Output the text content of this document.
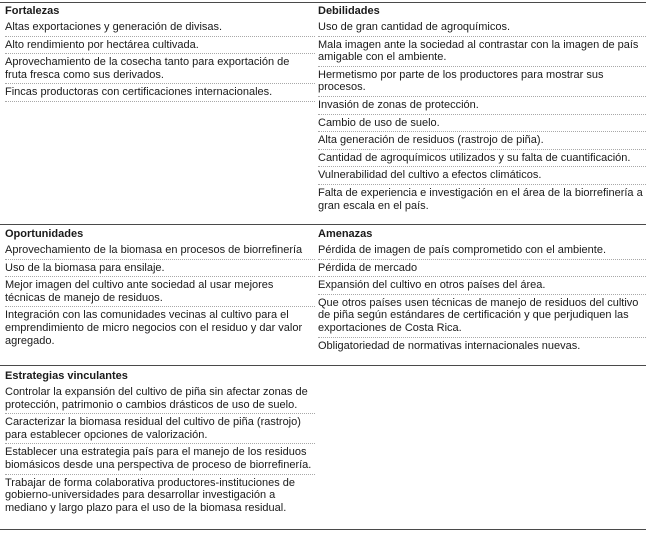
Fortalezas
Altas exportaciones y generación de divisas.
Alto rendimiento por hectárea cultivada.
Aprovechamiento de la cosecha tanto para exportación de fruta fresca como sus derivados.
Fincas productoras con certificaciones internacionales.
Debilidades
Uso de gran cantidad de agroquímicos.
Mala imagen ante la sociedad al contrastar con la imagen de país amigable con el ambiente.
Hermetismo por parte de los productores para mostrar sus procesos.
Invasión de zonas de protección.
Cambio de uso de suelo.
Alta generación de residuos (rastrojo de piña).
Cantidad de agroquímicos utilizados y su falta de cuantificación.
Vulnerabilidad del cultivo a efectos climáticos.
Falta de experiencia e investigación en el área de la biorrefinería a gran escala en el país.
Oportunidades
Aprovechamiento de la biomasa en procesos de biorrefinería
Uso de la biomasa para ensilaje.
Mejor imagen del cultivo ante sociedad al usar mejores técnicas de manejo de residuos.
Integración con las comunidades vecinas al cultivo para el emprendimiento de micro negocios con el residuo y dar valor agregado.
Amenazas
Pérdida de imagen de país comprometido con el ambiente.
Pérdida de mercado
Expansión del cultivo en otros países del área.
Que otros países usen técnicas de manejo de residuos del cultivo de piña según estándares de certificación y que perjudiquen las exportaciones de Costa Rica.
Obligatoriedad de normativas internacionales nuevas.
Estrategias vinculantes
Controlar la expansión del cultivo de piña sin afectar zonas de protección, patrimonio o cambios drásticos de uso de suelo.
Caracterizar la biomasa residual del cultivo de piña (rastrojo) para establecer opciones de valorización.
Establecer una estrategia país para el manejo de los residuos biomásicos desde una perspectiva de proceso de biorrefinería.
Trabajar de forma colaborativa productores-instituciones de gobierno-universidades para desarrollar investigación a mediano y largo plazo para el uso de la biomasa residual.
